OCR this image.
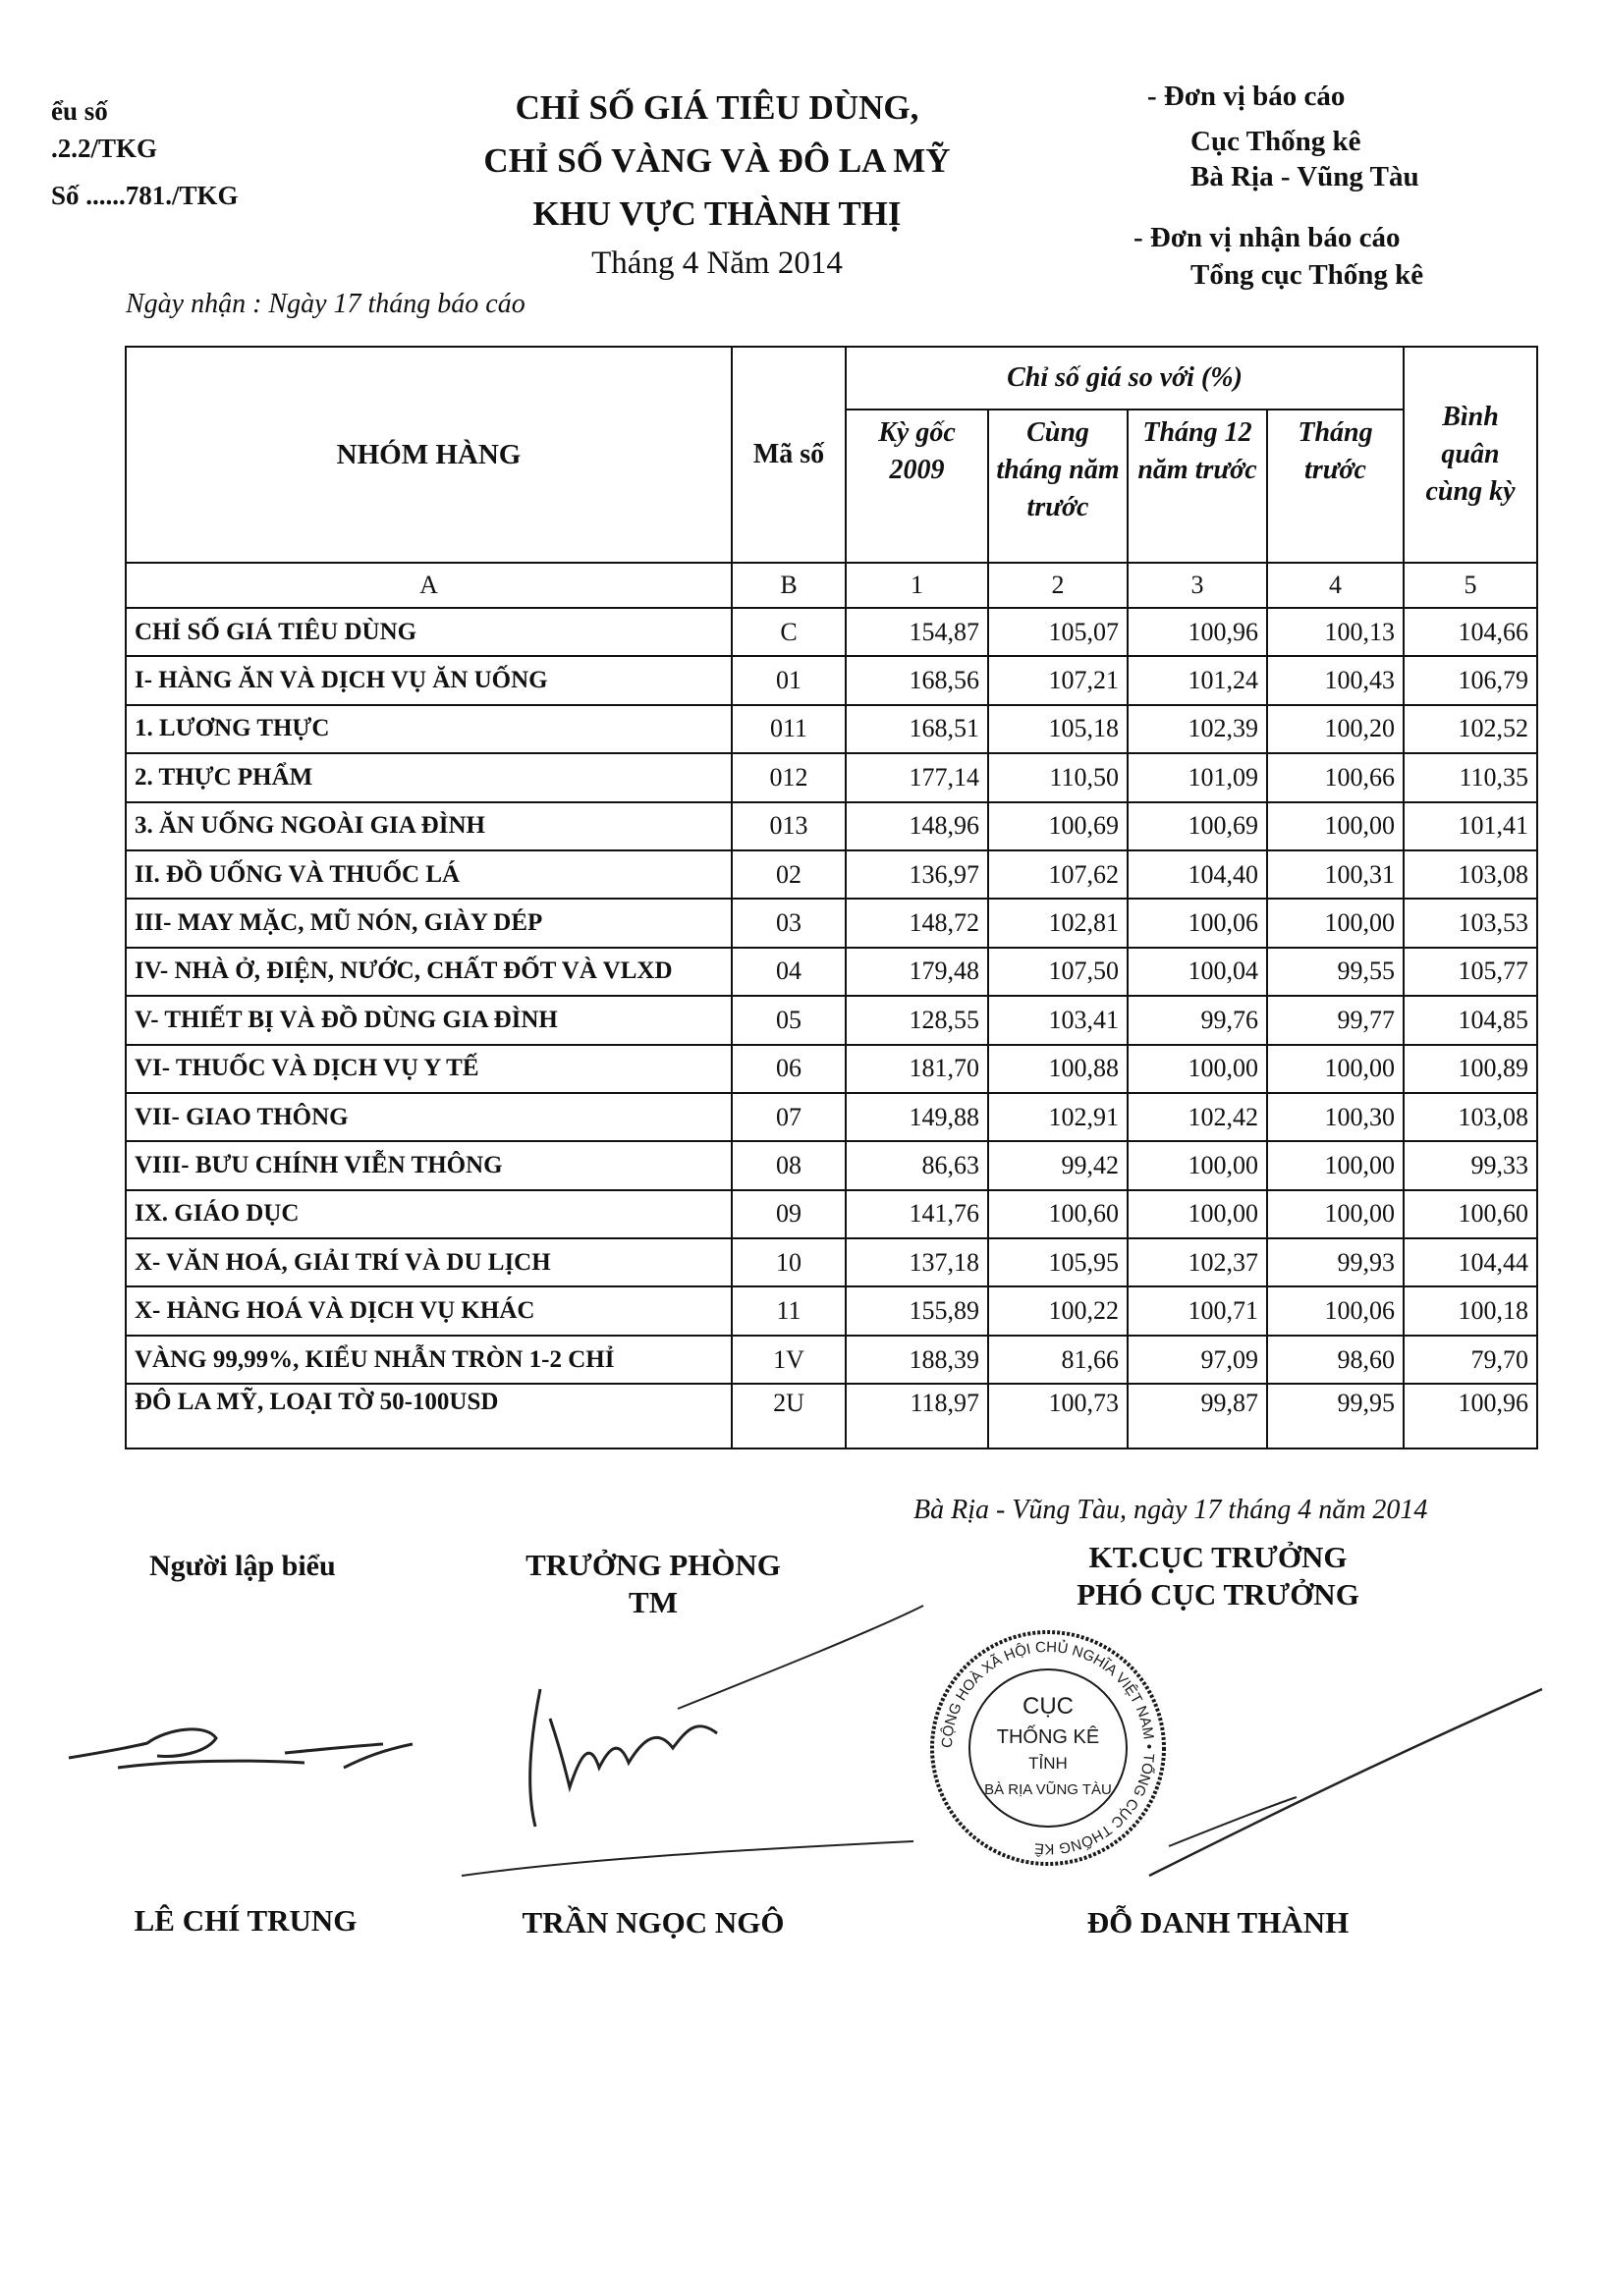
ểu số
.2.2/TKG
Số ......781./TKG
CHỈ SỐ GIÁ TIÊU DÙNG,
CHỈ SỐ VÀNG VÀ ĐÔ LA MỸ
KHU VỰC THÀNH THỊ
Tháng 4 Năm 2014
- Đơn vị báo cáo
Cục Thống kê
Bà Rịa - Vũng Tàu
- Đơn vị nhận báo cáo
Tổng cục Thống kê
Ngày nhận : Ngày 17 tháng báo cáo
NHÓM HÀNG	Mã số	Chỉ số giá so với (%)				Bình quân cùng kỳ
		Kỳ gốc 2009	Cùng tháng năm trước	Tháng 12 năm trước	Tháng trước	
A	B	1	2	3	4	5
CHỈ SỐ GIÁ TIÊU DÙNG	C	154,87	105,07	100,96	100,13	104,66
I- HÀNG ĂN VÀ DỊCH VỤ ĂN UỐNG	01	168,56	107,21	101,24	100,43	106,79
1. LƯƠNG THỰC	011	168,51	105,18	102,39	100,20	102,52
2. THỰC PHẨM	012	177,14	110,50	101,09	100,66	110,35
3. ĂN UỐNG NGOÀI GIA ĐÌNH	013	148,96	100,69	100,69	100,00	101,41
II. ĐỒ UỐNG VÀ THUỐC LÁ	02	136,97	107,62	104,40	100,31	103,08
III- MAY MẶC, MŨ NÓN, GIÀY DÉP	03	148,72	102,81	100,06	100,00	103,53
IV- NHÀ Ở, ĐIỆN, NƯỚC, CHẤT ĐỐT VÀ VLXD	04	179,48	107,50	100,04	99,55	105,77
V- THIẾT BỊ VÀ ĐỒ DÙNG GIA ĐÌNH	05	128,55	103,41	99,76	99,77	104,85
VI- THUỐC VÀ DỊCH VỤ Y TẾ	06	181,70	100,88	100,00	100,00	100,89
VII- GIAO THÔNG	07	149,88	102,91	102,42	100,30	103,08
VIII- BƯU CHÍNH VIỄN THÔNG	08	86,63	99,42	100,00	100,00	99,33
IX. GIÁO DỤC	09	141,76	100,60	100,00	100,00	100,60
X- VĂN HOÁ, GIẢI TRÍ VÀ DU LỊCH	10	137,18	105,95	102,37	99,93	104,44
X- HÀNG HOÁ VÀ DỊCH VỤ KHÁC	11	155,89	100,22	100,71	100,06	100,18
VÀNG 99,99%, KIỂU NHẪN TRÒN 1-2 CHỈ	1V	188,39	81,66	97,09	98,60	79,70
ĐÔ LA MỸ, LOẠI TỜ 50-100USD	2U	118,97	100,73	99,87	99,95	100,96
Bà Rịa - Vũng Tàu, ngày 17 tháng 4 năm 2014
Người lập biểu	TRƯỞNG PHÒNG
TM
KT.CỤC TRƯỞNG
PHÓ CỤC TRƯỞNG
CỘNG HOÀ XÃ HỘI CHỦ NGHĨA VIỆT NAM • TỔNG CỤC THỐNG KÊ
CỤC
THỐNG KÊ
TỈNH
BÀ RỊA VŨNG TÀU
LÊ CHÍ TRUNG	TRẦN NGỌC NGÔ	ĐỖ DANH THÀNH
